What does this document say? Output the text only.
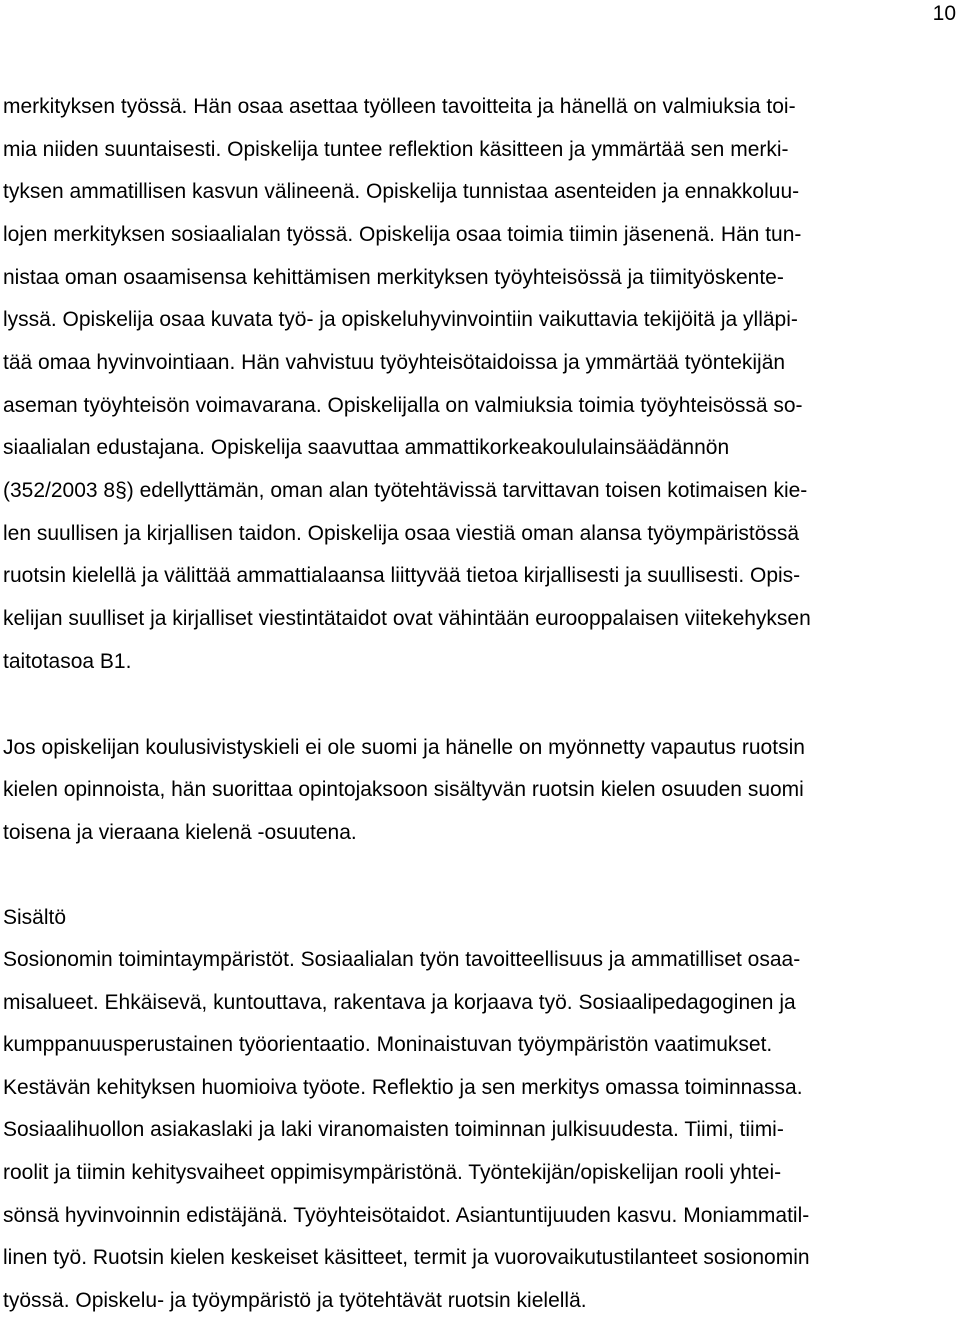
10
merkityksen työssä. Hän osaa asettaa työlleen tavoitteita ja hänellä on valmiuksia toi-
mia niiden suuntaisesti. Opiskelija tuntee reflektion käsitteen ja ymmärtää sen merki-
tyksen ammatillisen kasvun välineenä. Opiskelija tunnistaa asenteiden ja ennakkoluu-
lojen merkityksen sosiaalialan työssä. Opiskelija osaa toimia tiimin jäsenenä. Hän tun-
nistaa oman osaamisensa kehittämisen merkityksen työyhteisössä ja tiimityöskente-
lyssä. Opiskelija osaa kuvata työ- ja opiskeluhyvinvointiin vaikuttavia tekijöitä ja ylläpi-
tää omaa hyvinvointiaan. Hän vahvistuu työyhteisötaidoissa ja ymmärtää työntekijän
aseman työyhteisön voimavarana. Opiskelijalla on valmiuksia toimia työyhteisössä so-
siaalialan edustajana. Opiskelija saavuttaa ammattikorkeakoululainsäädännön
(352/2003 8§) edellyttämän, oman alan työtehtävissä tarvittavan toisen kotimaisen kie-
len suullisen ja kirjallisen taidon. Opiskelija osaa viestiä oman alansa työympäristössä
ruotsin kielellä ja välittää ammattialaansa liittyvää tietoa kirjallisesti ja suullisesti. Opis-
kelijan suulliset ja kirjalliset viestintätaidot ovat vähintään eurooppalaisen viitekehyksen
taitotasoa B1.
Jos opiskelijan koulusivistyskieli ei ole suomi ja hänelle on myönnetty vapautus ruotsin
kielen opinnoista, hän suorittaa opintojaksoon sisältyvän ruotsin kielen osuuden suomi
toisena ja vieraana kielenä -osuutena.
Sisältö
Sosionomin toimintaympäristöt. Sosiaalialan työn tavoitteellisuus ja ammatilliset osaa-
misalueet. Ehkäisevä, kuntouttava, rakentava ja korjaava työ. Sosiaalipedagoginen ja
kumppanuusperustainen työorientaatio. Moninaistuvan työympäristön vaatimukset.
Kestävän kehityksen huomioiva työote. Reflektio ja sen merkitys omassa toiminnassa.
Sosiaalihuollon asiakaslaki ja laki viranomaisten toiminnan julkisuudesta. Tiimi, tiimi-
roolit ja tiimin kehitysvaiheet oppimisympäristönä. Työntekijän/opiskelijan rooli yhtei-
sönsä hyvinvoinnin edistäjänä. Työyhteisötaidot. Asiantuntijuuden kasvu. Moniammatil-
linen työ. Ruotsin kielen keskeiset käsitteet, termit ja vuorovaikutustilanteet sosionomin
työssä. Opiskelu- ja työympäristö ja työtehtävät ruotsin kielellä.
